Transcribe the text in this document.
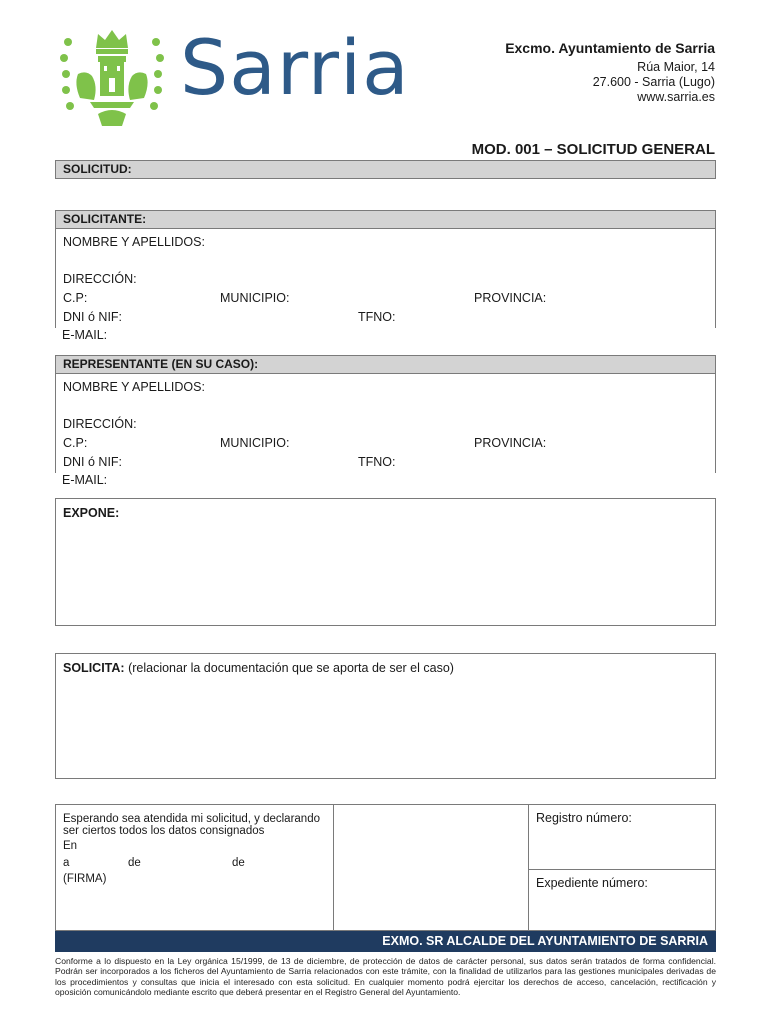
Sarria	Excmo. Ayuntamiento de Sarria
Rúa Maior, 14
27.600 - Sarria (Lugo)
www.sarria.es
MOD. 001 – SOLICITUD GENERAL
SOLICITUD:
SOLICITANTE:
NOMBRE Y APELLIDOS:
DIRECCIÓN:
C.P:	MUNICIPIO:	PROVINCIA:
DNI ó NIF:	TFNO:
E-MAIL:
REPRESENTANTE (EN SU CASO):
NOMBRE Y APELLIDOS:
DIRECCIÓN:
C.P:	MUNICIPIO:	PROVINCIA:
DNI ó NIF:	TFNO:
E-MAIL:
EXPONE:
SOLICITA: (relacionar la documentación que se aporta de ser el caso)
Esperando sea atendida mi solicitud, y declarando
ser ciertos todos los datos consignados
En
a	de	de
(FIRMA)
Registro número:
Expediente número:
EXMO. SR ALCALDE DEL AYUNTAMIENTO DE SARRIA
Conforme a lo dispuesto en la Ley orgánica 15/1999, de 13 de diciembre, de protección de datos de carácter personal, sus datos serán tratados de forma confidencial. Podrán ser incorporados a los ficheros del Ayuntamiento de Sarria relacionados con este trámite, con la finalidad de utilizarlos para las gestiones municipales derivadas de los procedimientos y consultas que inicia el interesado con esta solicitud. En cualquier momento podrá ejercitar los derechos de acceso, cancelación, rectificación y oposición comunicándolo mediante escrito que deberá presentar en el Registro General del Ayuntamiento.
